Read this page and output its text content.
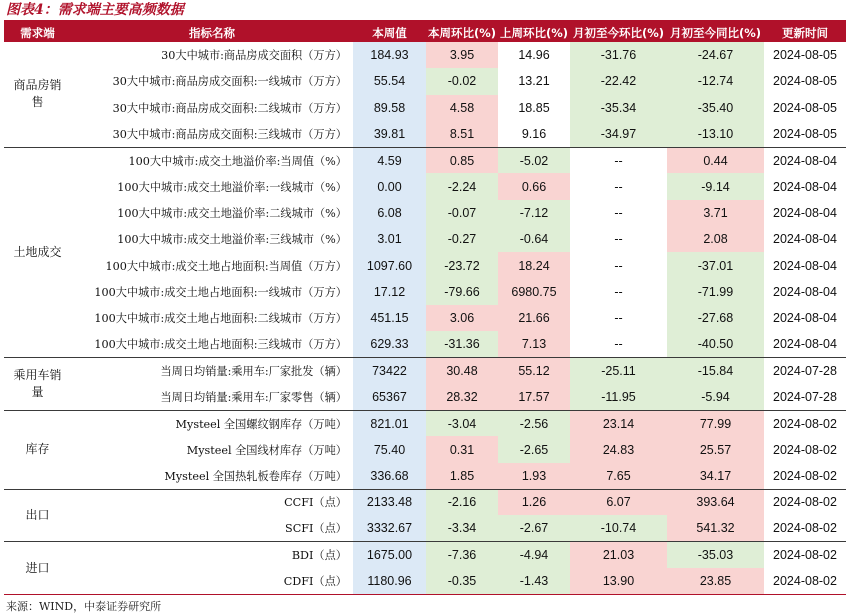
图表4：需求端主要高频数据
需求端	指标名称	本周值	本周环比(%)	上周环比(%)	月初至今环比(%)	月初至今同比(%)	更新时间
商品房销售	30大中城市:商品房成交面积（万方）	184.93	3.95	14.96	-31.76	-24.67	2024-08-05
	30大中城市:商品房成交面积:一线城市（万方）	55.54	-0.02	13.21	-22.42	-12.74	2024-08-05
	30大中城市:商品房成交面积:二线城市（万方）	89.58	4.58	18.85	-35.34	-35.40	2024-08-05
	30大中城市:商品房成交面积:三线城市（万方）	39.81	8.51	9.16	-34.97	-13.10	2024-08-05
土地成交	100大中城市:成交土地溢价率:当周值（%）	4.59	0.85	-5.02	--	0.44	2024-08-04
	100大中城市:成交土地溢价率:一线城市（%）	0.00	-2.24	0.66	--	-9.14	2024-08-04
	100大中城市:成交土地溢价率:二线城市（%）	6.08	-0.07	-7.12	--	3.71	2024-08-04
	100大中城市:成交土地溢价率:三线城市（%）	3.01	-0.27	-0.64	--	2.08	2024-08-04
	100大中城市:成交土地占地面积:当周值（万方）	1097.60	-23.72	18.24	--	-37.01	2024-08-04
	100大中城市:成交土地占地面积:一线城市（万方）	17.12	-79.66	6980.75	--	-71.99	2024-08-04
	100大中城市:成交土地占地面积:二线城市（万方）	451.15	3.06	21.66	--	-27.68	2024-08-04
	100大中城市:成交土地占地面积:三线城市（万方）	629.33	-31.36	7.13	--	-40.50	2024-08-04
乘用车销量	当周日均销量:乘用车:厂家批发（辆）	73422	30.48	55.12	-25.11	-15.84	2024-07-28
	当周日均销量:乘用车:厂家零售（辆）	65367	28.32	17.57	-11.95	-5.94	2024-07-28
库存	Mysteel 全国螺纹钢库存（万吨）	821.01	-3.04	-2.56	23.14	77.99	2024-08-02
	Mysteel 全国线材库存（万吨）	75.40	0.31	-2.65	24.83	25.57	2024-08-02
	Mysteel 全国热轧板卷库存（万吨）	336.68	1.85	1.93	7.65	34.17	2024-08-02
出口	CCFI（点）	2133.48	-2.16	1.26	6.07	393.64	2024-08-02
	SCFI（点）	3332.67	-3.34	-2.67	-10.74	541.32	2024-08-02
进口	BDI（点）	1675.00	-7.36	-4.94	21.03	-35.03	2024-08-02
	CDFI（点）	1180.96	-0.35	-1.43	13.90	23.85	2024-08-02
来源：WIND，中泰证券研究所
